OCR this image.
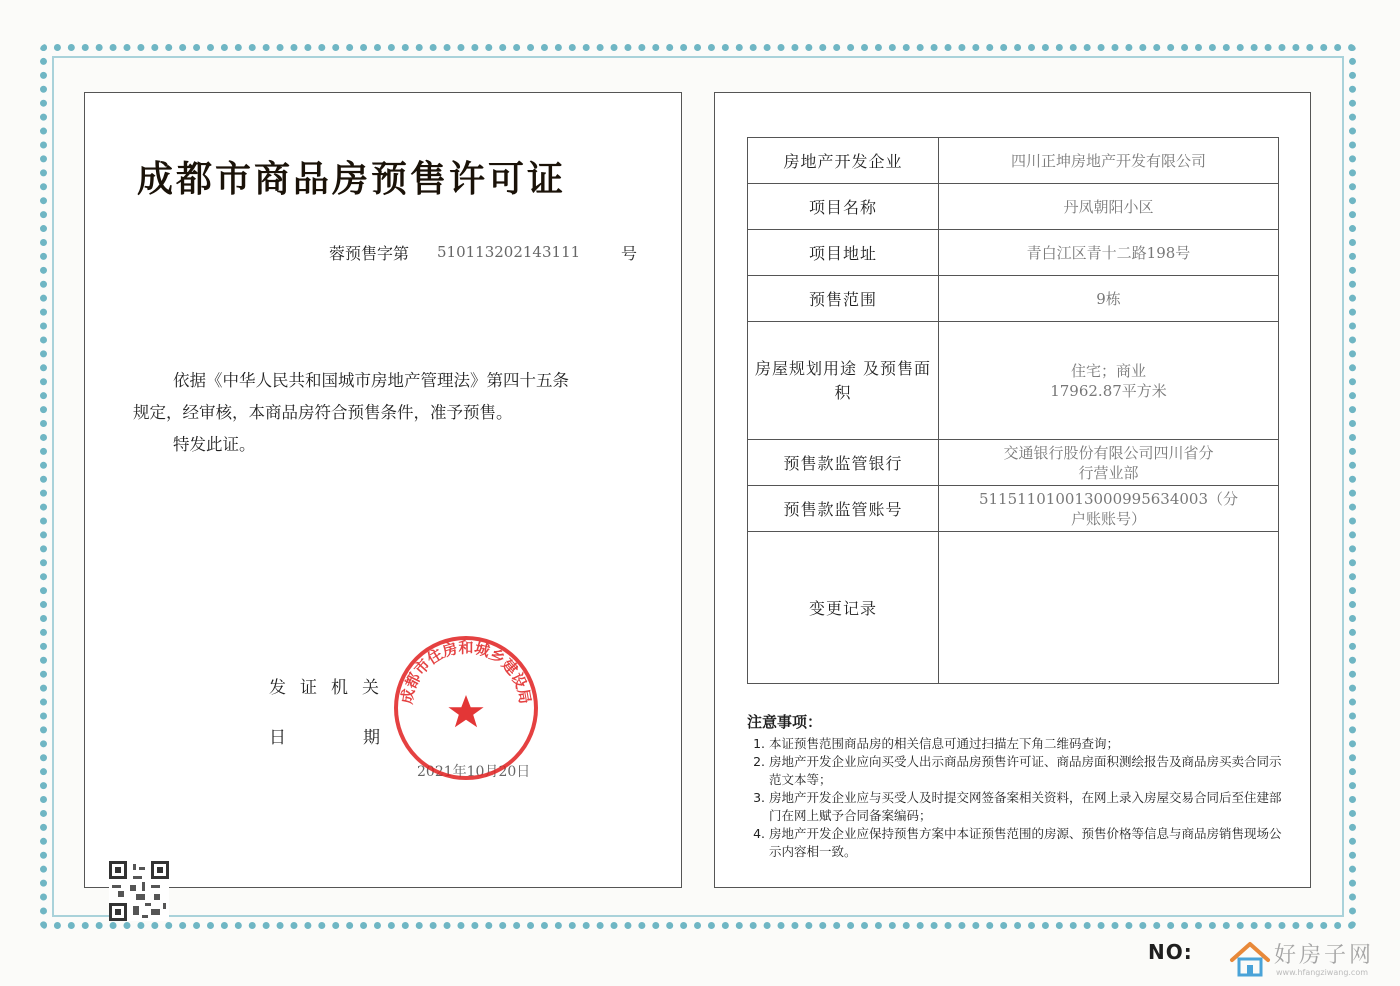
成都市商品房预售许可证
蓉预售字第 510113202143111	号

依据《中华人民共和国城市房地产管理法》第四十五条

规定，经审核，本商品房符合预售条件，准予预售。

特发此证。

发证机关
日	期
2021年10月20日
成都市住房和城乡建设局
房地产开发企业	四川正坤房地产开发有限公司
项目名称	丹凤朝阳小区
项目地址	青白江区青十二路198号
预售范围	9栋
房屋规划用途 及预售面积	住宅；商业
17962.87平方米

预售款监管银行	交通银行股份有限公司四川省分
行营业部

预售款监管账号	511511010013000995634003（分
户账账号）

变更记录	
注意事项：
1. 本证预售范围商品房的相关信息可通过扫描左下角二维码查询；
2. 房地产开发企业应向买受人出示商品房预售许可证、商品房面积测绘报告及商品房买卖合同示范文本等；
3. 房地产开发企业应与买受人及时提交网签备案相关资料，在网上录入房屋交易合同后至住建部门在网上赋予合同备案编码；
4. 房地产开发企业应保持预售方案中本证预售范围的房源、预售价格等信息与商品房销售现场公示内容相一致。
NO:	好房子网
www.hfangziwang.com
